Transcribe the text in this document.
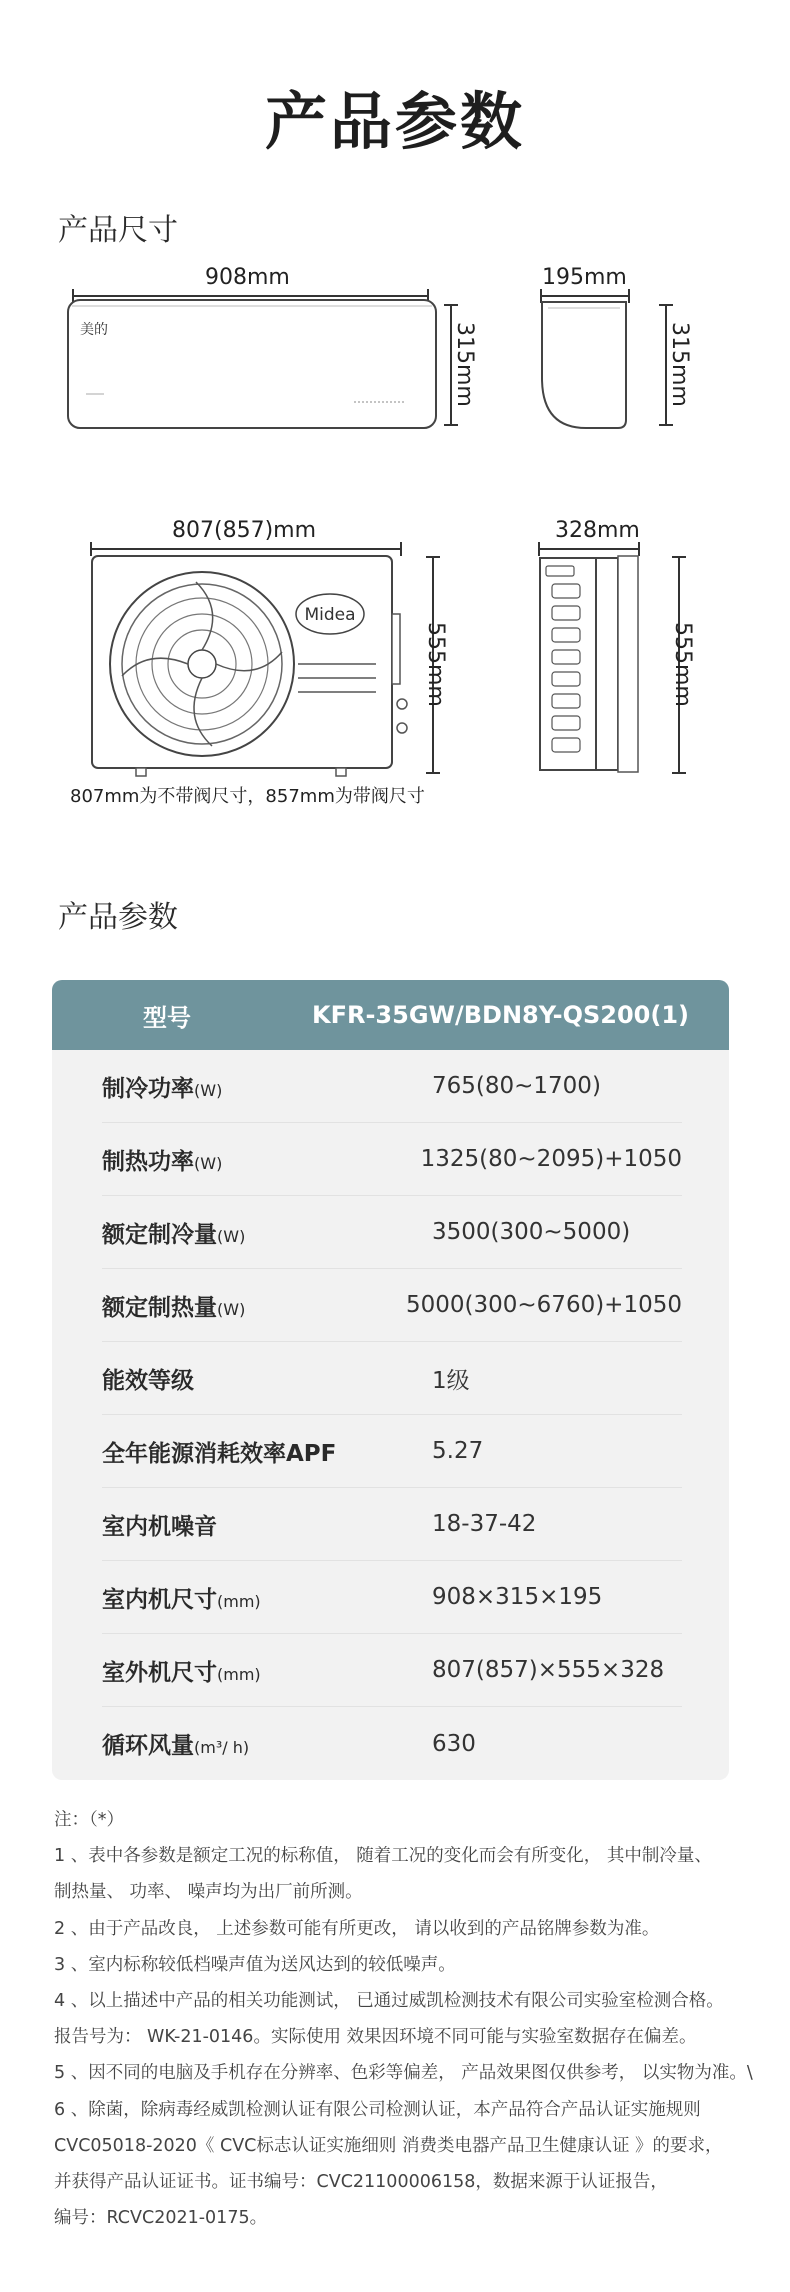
产品参数
产品尺寸
908mm
美的	315mm
195mm
315mm
807(857)mm
Midea
555mm
328mm
555mm
807mm为不带阀尺寸，857mm为带阀尺寸
产品参数
型号	KFR-35GW/BDN8Y-QS200(1)
制冷功率(W)	765(80~1700)
制热功率(W)	1325(80~2095)+1050
额定制冷量(W)	3500(300~5000)
额定制热量(W)	5000(300~6760)+1050
能效等级	1级
全年能源消耗效率APF	5.27
室内机噪音	18-37-42
室内机尺寸(mm)	908×315×195
室外机尺寸(mm)	807(857)×555×328
循环风量(m³/ h)	630
注：（*）
1 、表中各参数是额定工况的标称值， 随着工况的变化而会有所变化， 其中制冷量、
制热量、 功率、 噪声均为出厂前所测。
2 、由于产品改良， 上述参数可能有所更改， 请以收到的产品铭牌参数为准。
3 、室内标称较低档噪声值为送风达到的较低噪声。
4 、以上描述中产品的相关功能测试， 已通过威凯检测技术有限公司实验室检测合格。
报告号为： WK-21-0146。实际使用 效果因环境不同可能与实验室数据存在偏差。
5 、因不同的电脑及手机存在分辨率、色彩等偏差， 产品效果图仅供参考， 以实物为准。\
6 、除菌，除病毒经威凯检测认证有限公司检测认证，本产品符合产品认证实施规则
CVC05018-2020《 CVC标志认证实施细则 消费类电器产品卫生健康认证 》的要求，
并获得产品认证证书。证书编号：CVC21100006158，数据来源于认证报告，
编号：RCVC2021-0175。
